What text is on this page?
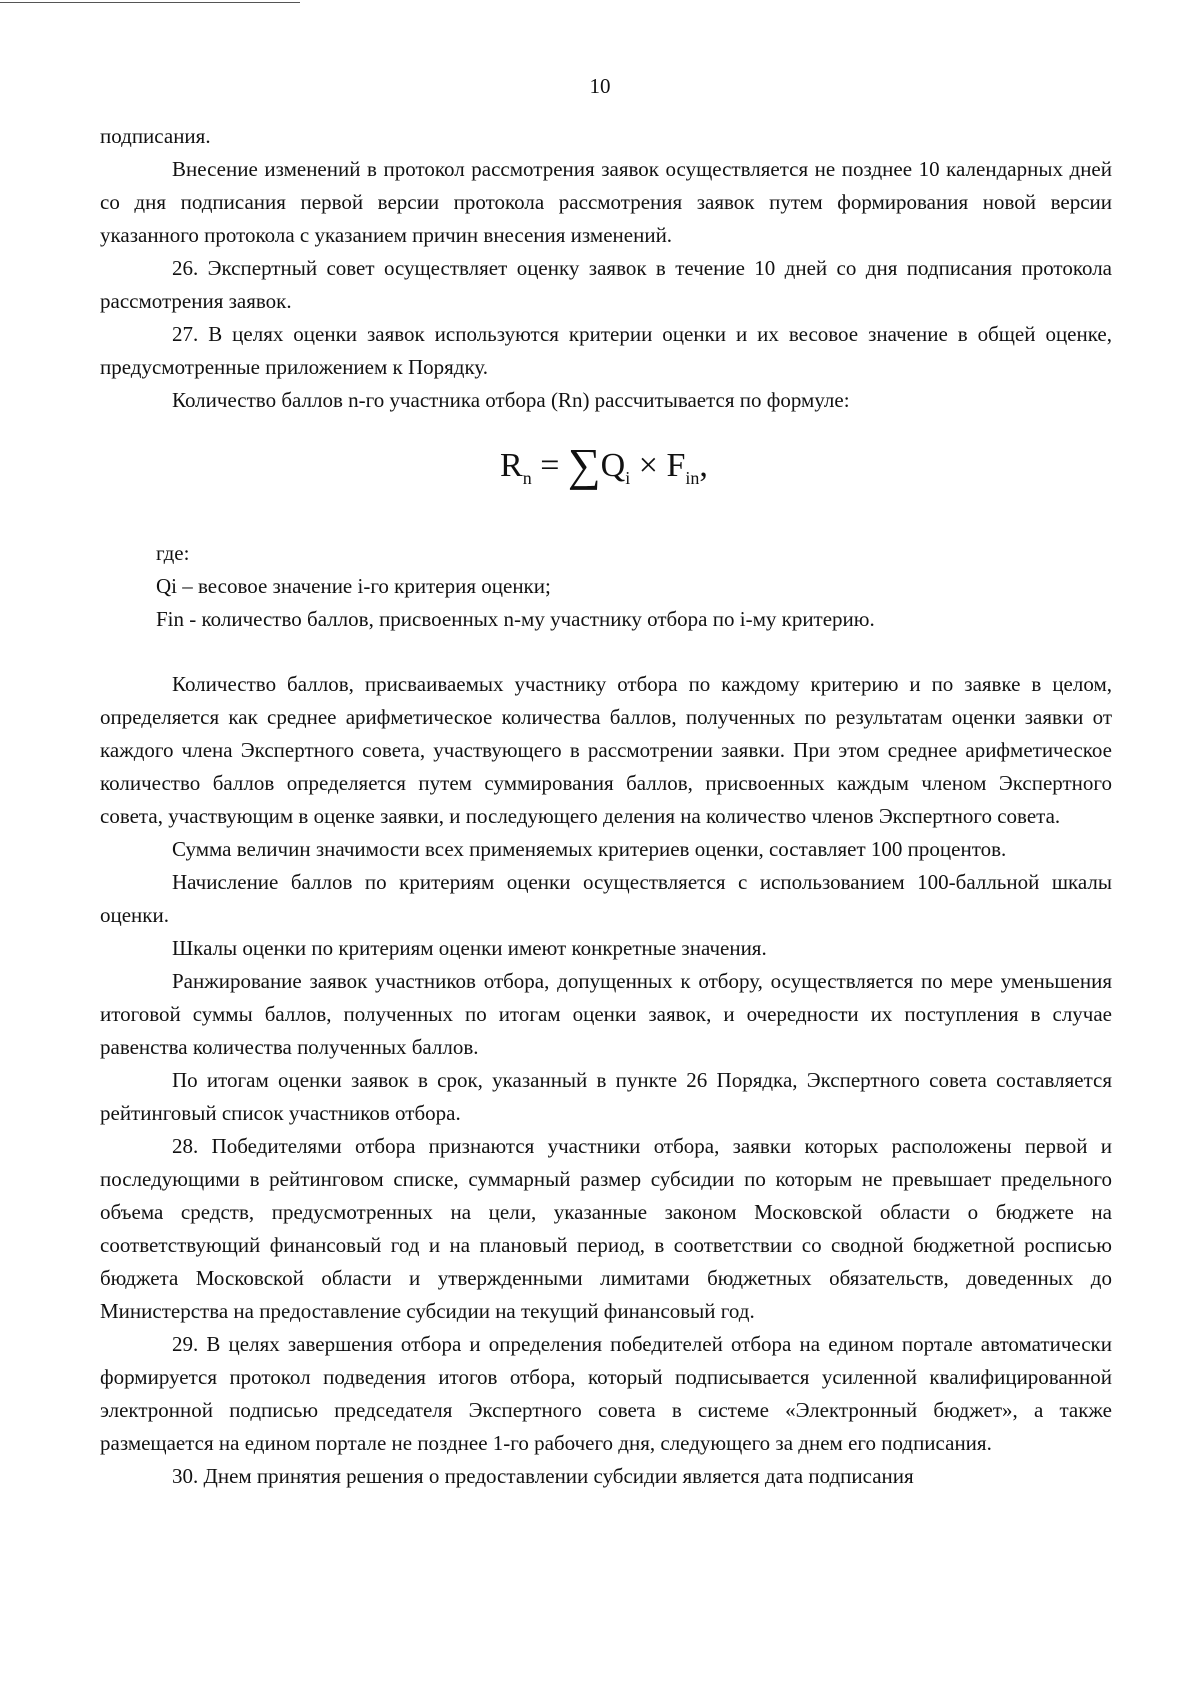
10

подписания.

Внесение изменений в протокол рассмотрения заявок осуществляется не позднее 10 календарных дней со дня подписания первой версии протокола рассмотрения заявок путем формирования новой версии указанного протокола с указанием причин внесения изменений.

26. Экспертный совет осуществляет оценку заявок в течение 10 дней со дня подписания протокола рассмотрения заявок.

27. В целях оценки заявок используются критерии оценки и их весовое значение в общей оценке, предусмотренные приложением к Порядку.

Количество баллов n-го участника отбора (Rn) рассчитывается по формуле:

$R_n = \sum Q_i \times F_{in}$,

где:

Qi – весовое значение i-го критерия оценки;

Fin - количество баллов, присвоенных n-му участнику отбора по i-му критерию.

Количество баллов, присваиваемых участнику отбора по каждому критерию и по заявке в целом, определяется как среднее арифметическое количества баллов, полученных по результатам оценки заявки от каждого члена Экспертного совета, участвующего в рассмотрении заявки. При этом среднее арифметическое количество баллов определяется путем суммирования баллов, присвоенных каждым членом Экспертного совета, участвующим в оценке заявки, и последующего деления на количество членов Экспертного совета.

Сумма величин значимости всех применяемых критериев оценки, составляет 100 процентов.

Начисление баллов по критериям оценки осуществляется с использованием 100-балльной шкалы оценки.

Шкалы оценки по критериям оценки имеют конкретные значения.

Ранжирование заявок участников отбора, допущенных к отбору, осуществляется по мере уменьшения итоговой суммы баллов, полученных по итогам оценки заявок, и очередности их поступления в случае равенства количества полученных баллов.

По итогам оценки заявок в срок, указанный в пункте 26 Порядка, Экспертного совета составляется рейтинговый список участников отбора.

28. Победителями отбора признаются участники отбора, заявки которых расположены первой и последующими в рейтинговом списке, суммарный размер субсидии по которым не превышает предельного объема средств, предусмотренных на цели, указанные законом Московской области о бюджете на соответствующий финансовый год и на плановый период, в соответствии со сводной бюджетной росписью бюджета Московской области и утвержденными лимитами бюджетных обязательств, доведенных до Министерства на предоставление субсидии на текущий финансовый год.

29. В целях завершения отбора и определения победителей отбора на едином портале автоматически формируется протокол подведения итогов отбора, который подписывается усиленной квалифицированной электронной подписью председателя Экспертного совета в системе «Электронный бюджет», а также размещается на едином портале не позднее 1-го рабочего дня, следующего за днем его подписания.

30. Днем принятия решения о предоставлении субсидии является дата подписания
